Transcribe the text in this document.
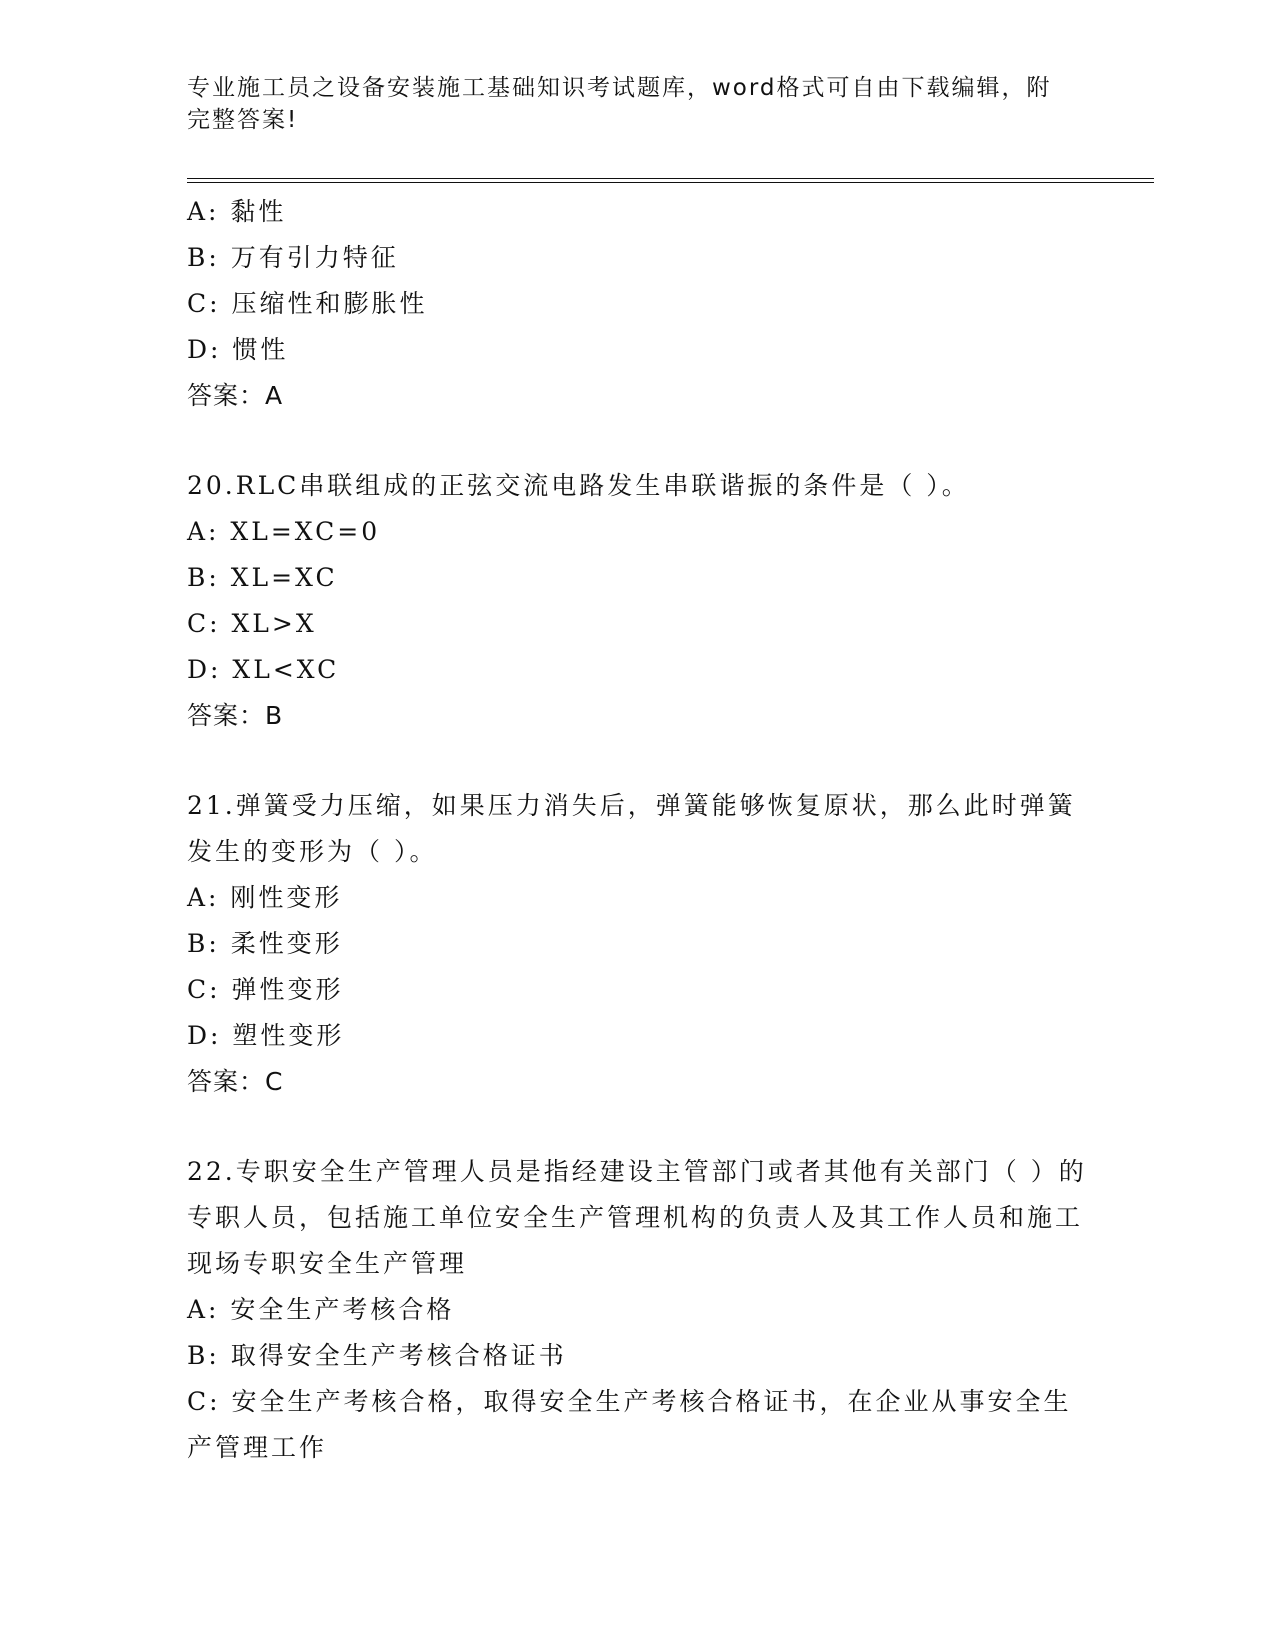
专业施工员之设备安装施工基础知识考试题库，word格式可自由下载编辑，附完整答案!
A: 黏性
B: 万有引力特征
C: 压缩性和膨胀性
D: 惯性
答案：A
20.RLC串联组成的正弦交流电路发生串联谐振的条件是（ ）。
A: XL=XC=0
B: XL=XC
C: XL>X
D: XL<XC
答案：B
21.弹簧受力压缩，如果压力消失后，弹簧能够恢复原状，那么此时弹簧发生的变形为（ ）。
A: 刚性变形
B: 柔性变形
C: 弹性变形
D: 塑性变形
答案：C
22.专职安全生产管理人员是指经建设主管部门或者其他有关部门（ ）的专职人员，包括施工单位安全生产管理机构的负责人及其工作人员和施工现场专职安全生产管理
A: 安全生产考核合格
B: 取得安全生产考核合格证书
C: 安全生产考核合格，取得安全生产考核合格证书，在企业从事安全生产管理工作
